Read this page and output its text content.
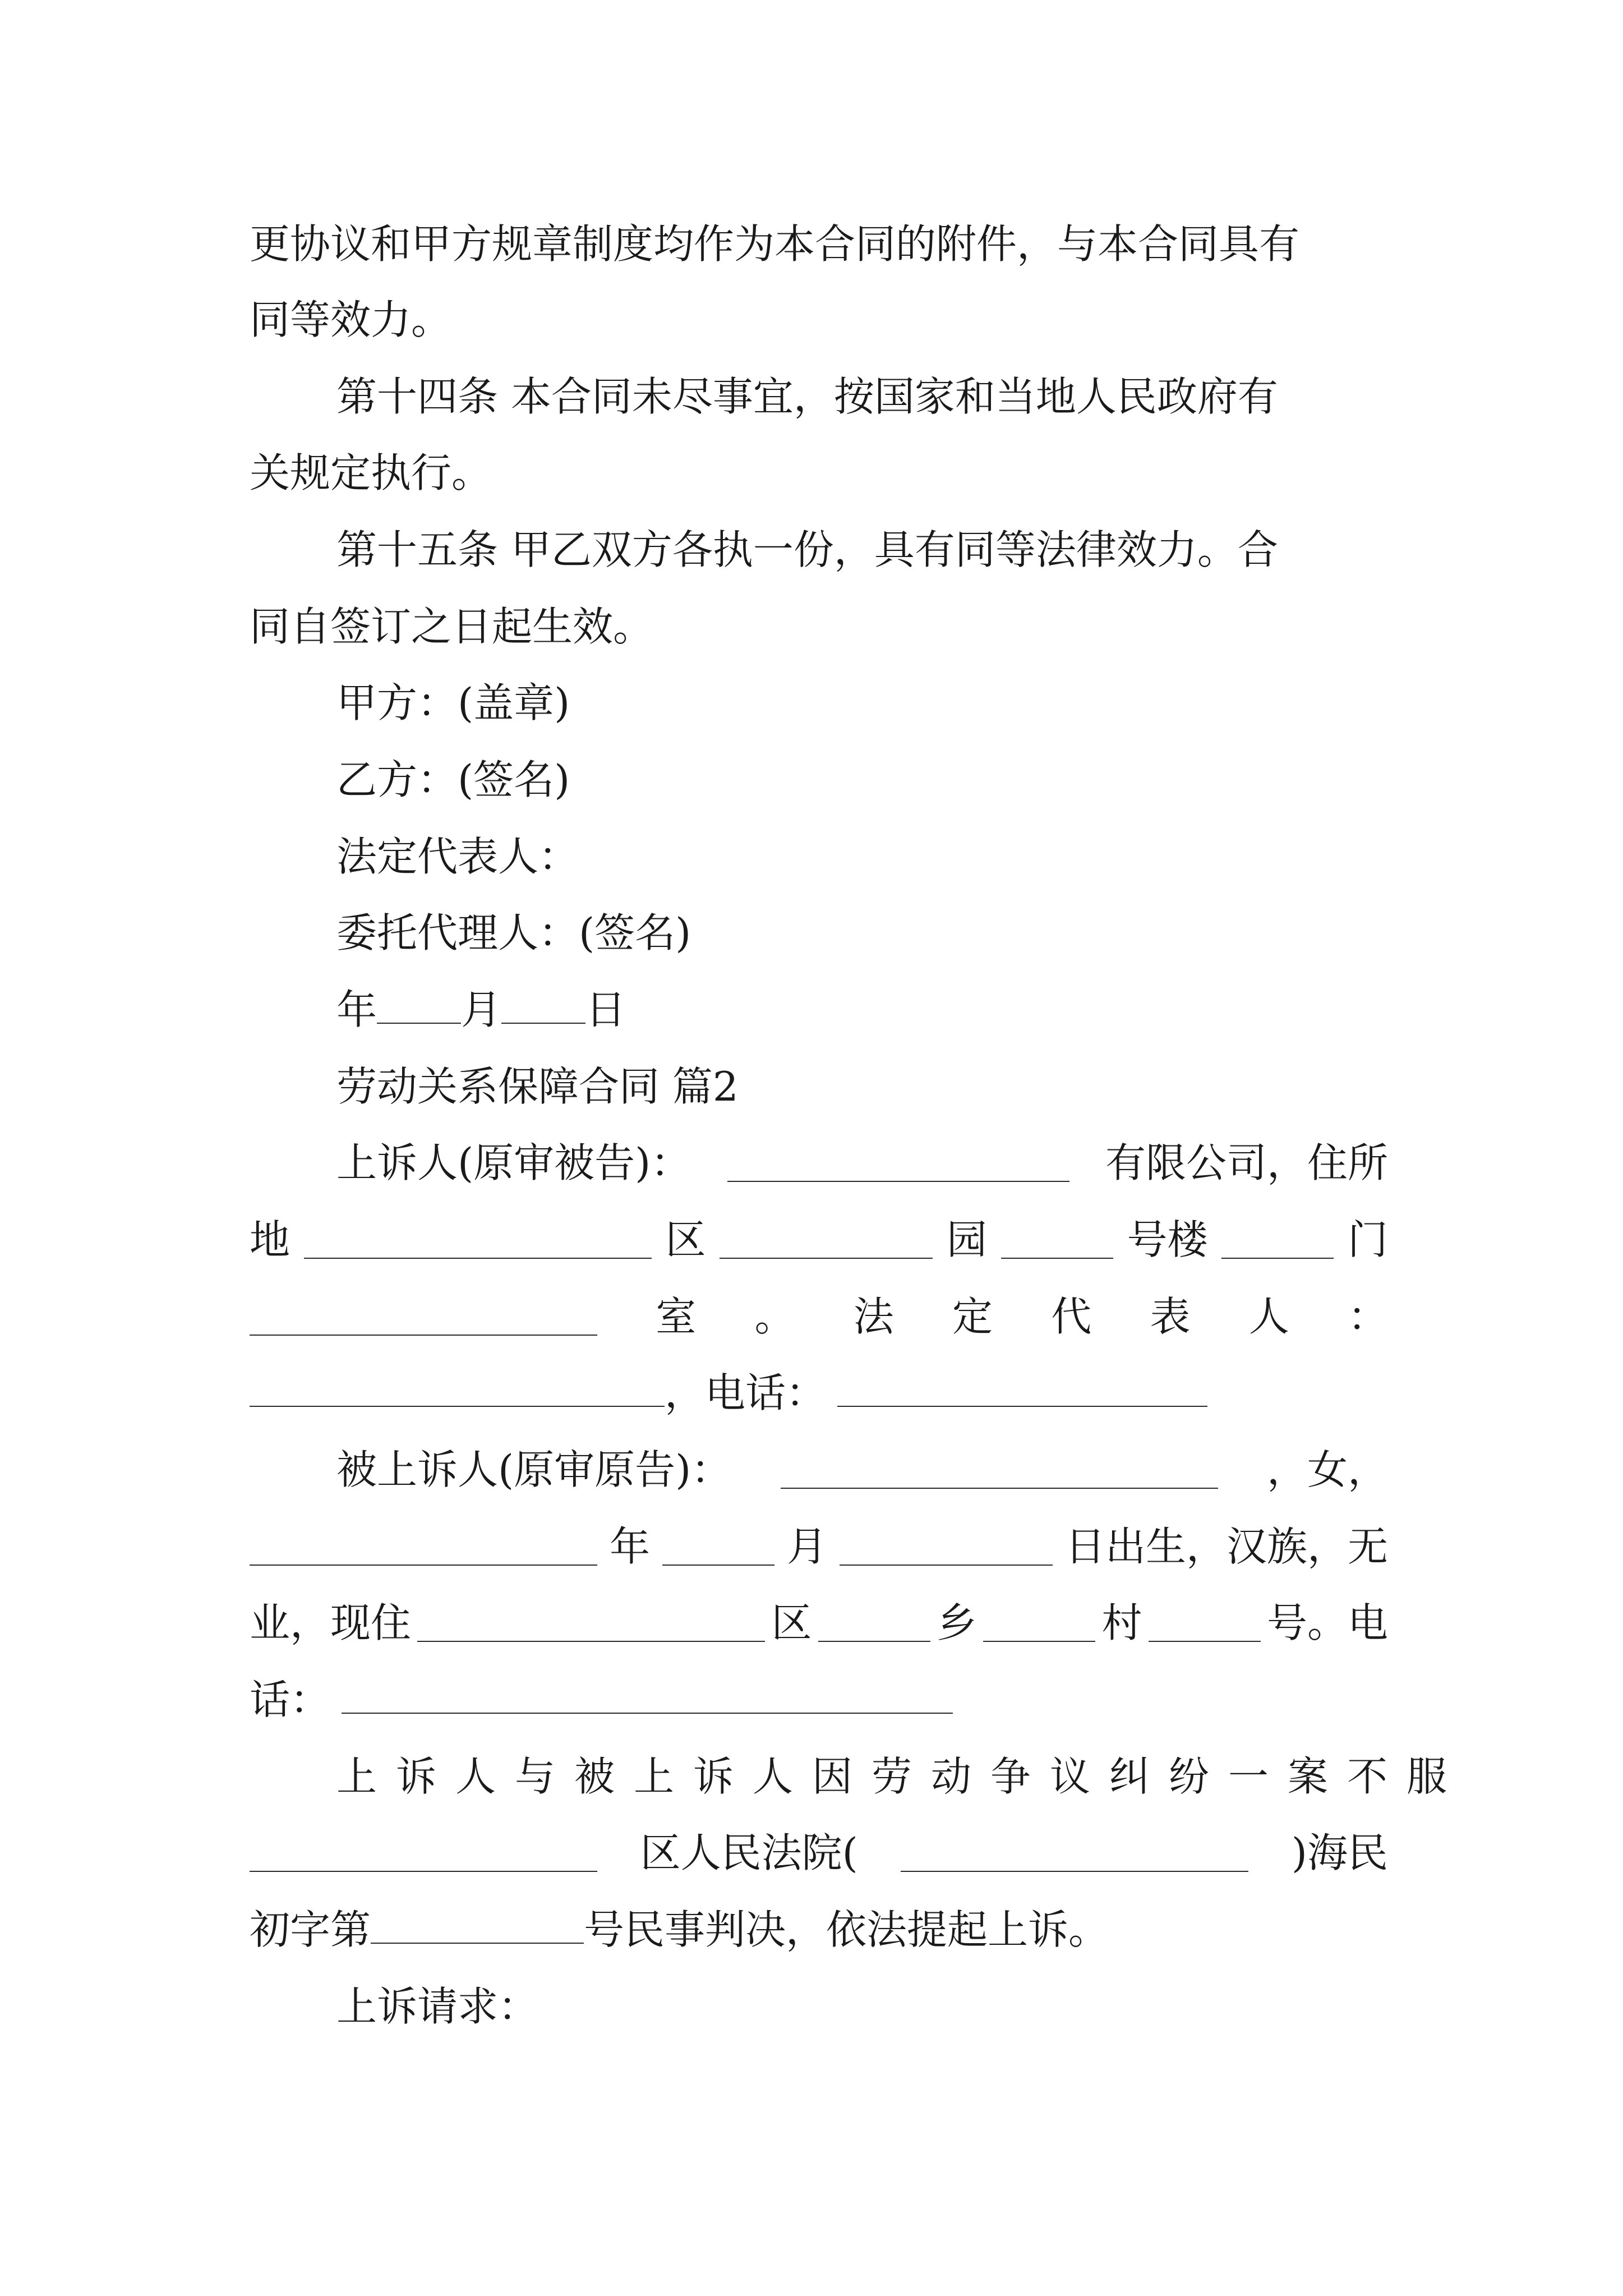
更协议和甲方规章制度均作为本合同的附件，与本合同具有
同等效力。
第十四条 本合同未尽事宜，按国家和当地人民政府有
关规定执行。
第十五条 甲乙双方各执一份，具有同等法律效力。合
同自签订之日起生效。
甲方：(盖章)
乙方：(签名)
法定代表人：
委托代理人：(签名)
年 月 日
劳动关系保障合同 篇2
上诉人(原审被告)：	有限公司，住所
地	区	园	号楼	门
室 。 法 定 代 表 人 ：
，电话：
被上诉人(原审原告)：	，女，
年	月	日出生，汉族，无
业，现住	区	乡	村	号。电
话：
上诉人与被上诉人因劳动争议纠纷一案不服
区人民法院(	)海民
初字第	号民事判决，依法提起上诉。
上诉请求：
